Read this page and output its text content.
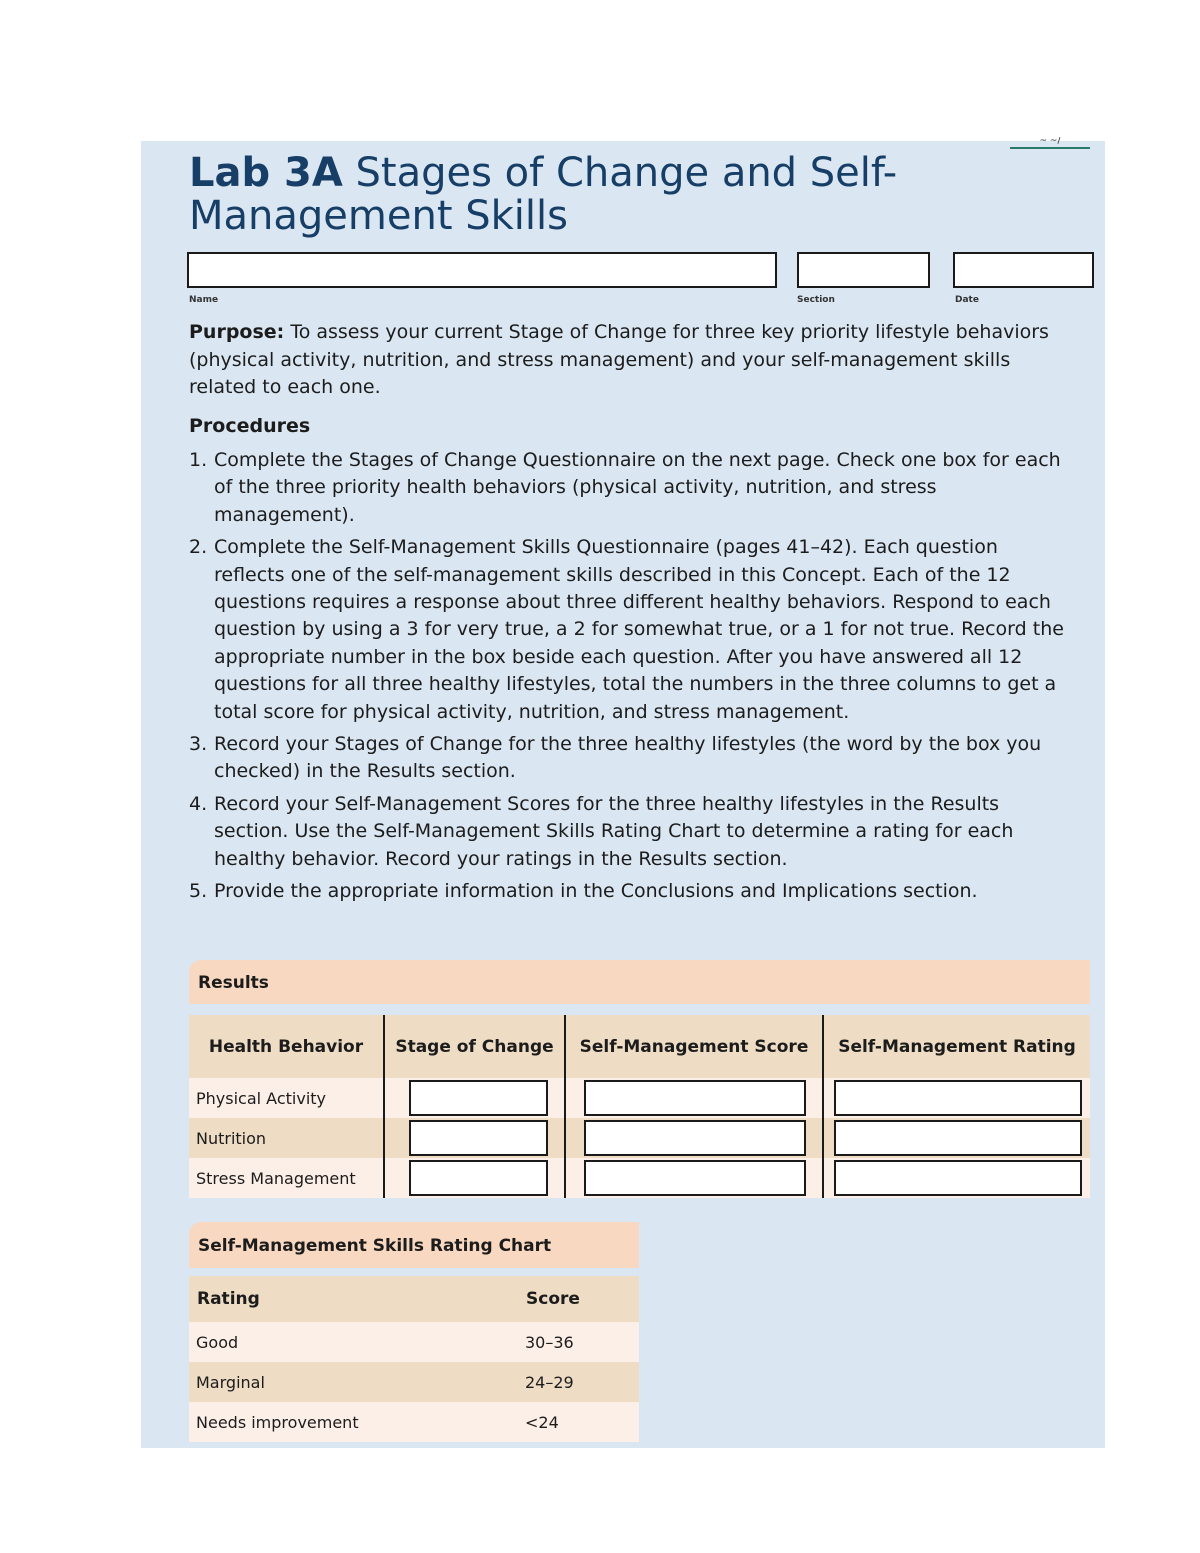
~ ~/
Lab 3A Stages of Change and Self-Management Skills
Name	Section	Date

Purpose: To assess your current Stage of Change for three key priority lifestyle behaviors (physical activity, nutrition, and stress management) and your self-management skills related to each one.

Procedures
1. Complete the Stages of Change Questionnaire on the next page. Check one box for each of the three priority health behaviors (physical activity, nutrition, and stress management).
2. Complete the Self-Management Skills Questionnaire (pages 41–42). Each question reflects one of the self-management skills described in this Concept. Each of the 12 questions requires a response about three different healthy behaviors. Respond to each question by using a 3 for very true, a 2 for somewhat true, or a 1 for not true. Record the appropriate number in the box beside each question. After you have answered all 12 questions for all three healthy lifestyles, total the numbers in the three columns to get a total score for physical activity, nutrition, and stress management.
3. Record your Stages of Change for the three healthy lifestyles (the word by the box you checked) in the Results section.
4. Record your Self-Management Scores for the three healthy lifestyles in the Results section. Use the Self-Management Skills Rating Chart to determine a rating for each healthy behavior. Record your ratings in the Results section.
5. Provide the appropriate information in the Conclusions and Implications section.
Results
Health Behavior	Stage of Change	Self-Management Score	Self-Management Rating
Physical Activity	

Nutrition	

Stress Management	

Self-Management Skills Rating Chart
Rating	Score
Good	30–36
Marginal	24–29
Needs improvement	<24
